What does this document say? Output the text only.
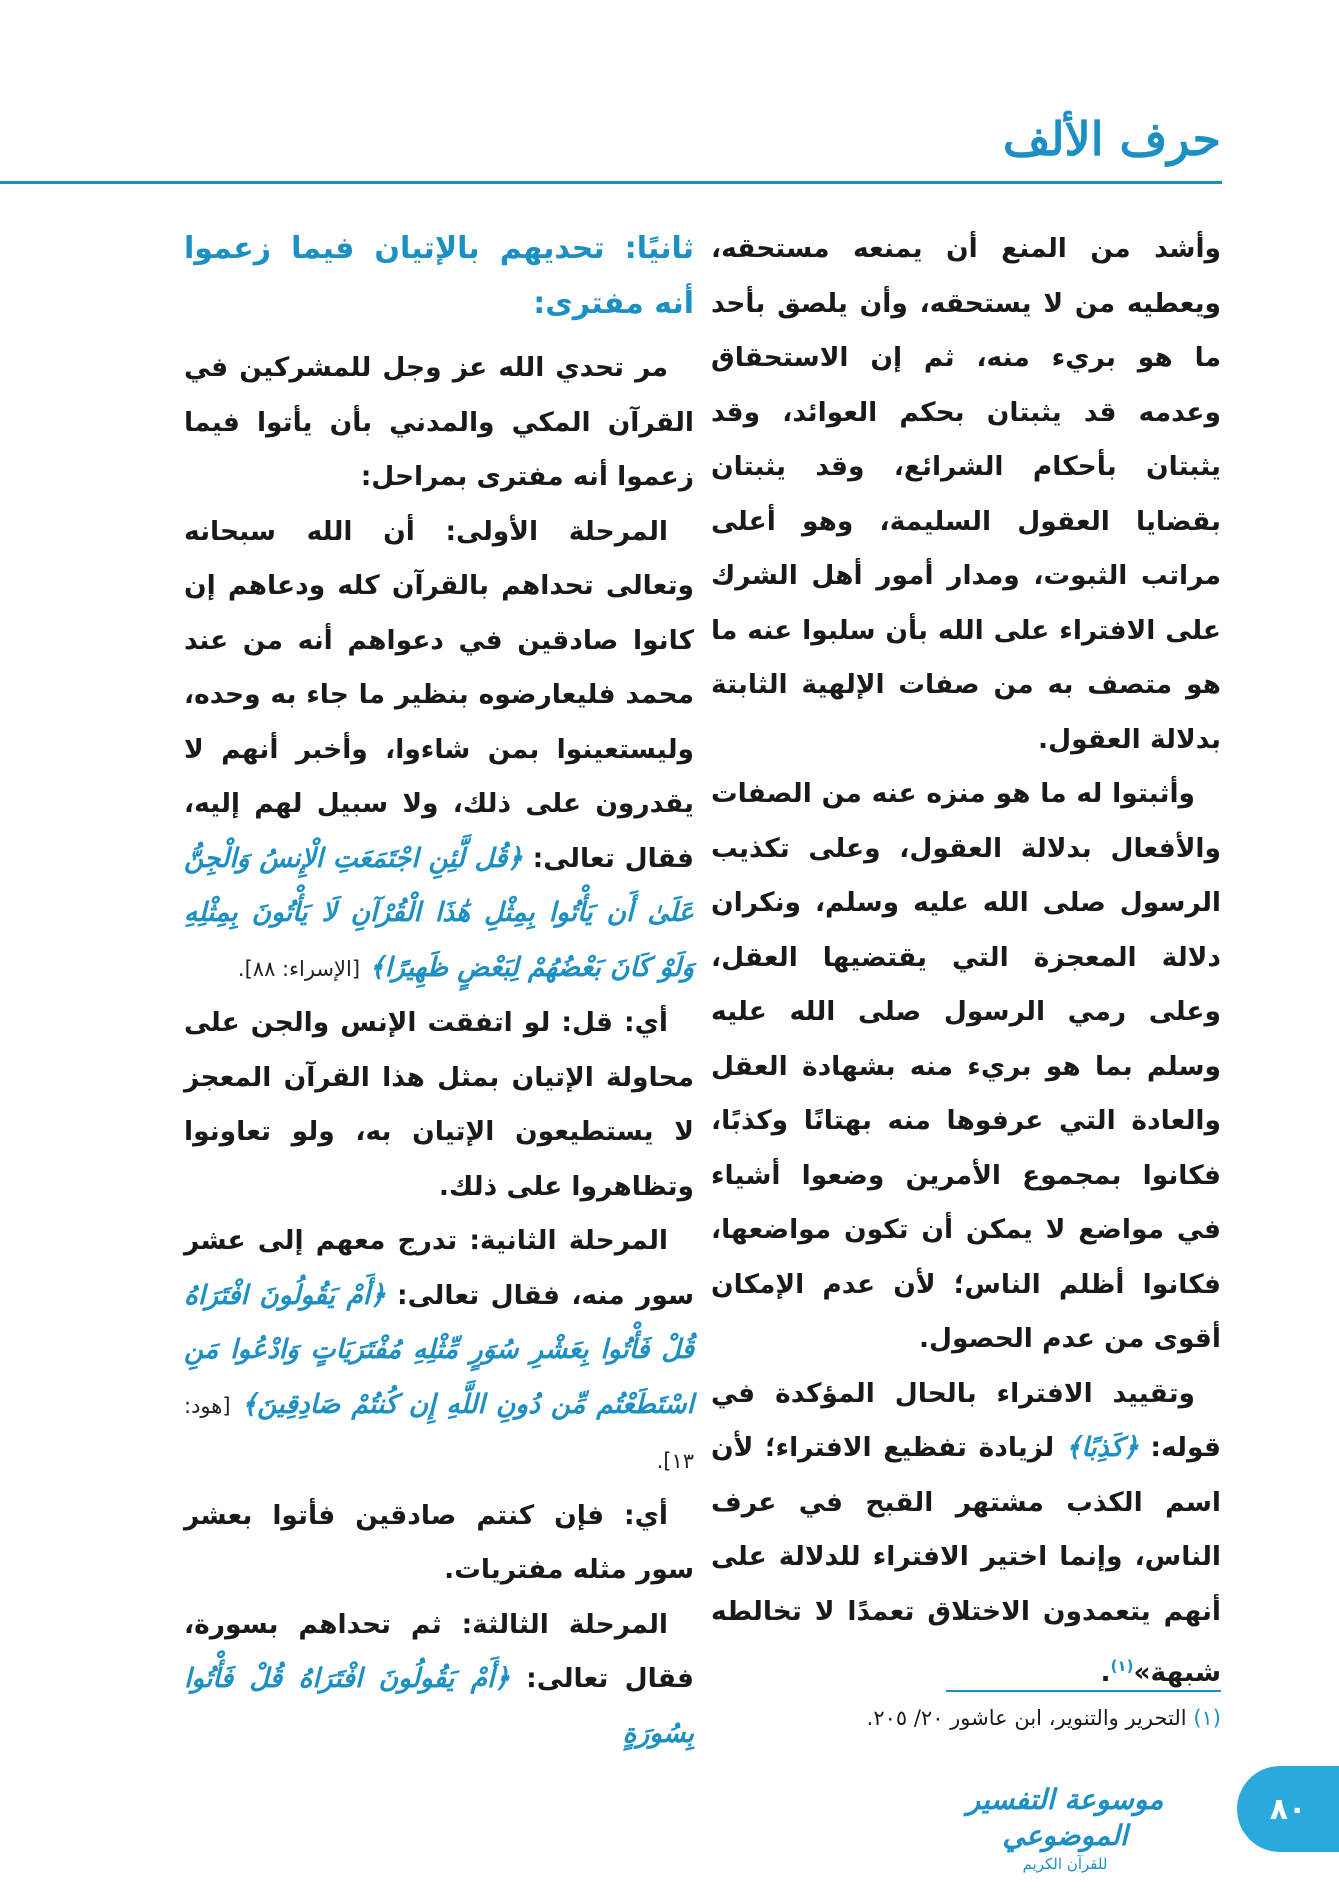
حرف الألف

وأشد من المنع أن يمنعه مستحقه، ويعطيه من لا يستحقه، وأن يلصق بأحد ما هو بريء منه، ثم إن الاستحقاق وعدمه قد يثبتان بحكم العوائد، وقد يثبتان بأحكام الشرائع، وقد يثبتان بقضايا العقول السليمة، وهو أعلى مراتب الثبوت، ومدار أمور أهل الشرك على الافتراء على الله بأن سلبوا عنه ما هو متصف به من صفات الإلهية الثابتة بدلالة العقول.

وأثبتوا له ما هو منزه عنه من الصفات والأفعال بدلالة العقول، وعلى تكذيب الرسول صلى الله عليه وسلم، ونكران دلالة المعجزة التي يقتضيها العقل، وعلى رمي الرسول صلى الله عليه وسلم بما هو بريء منه بشهادة العقل والعادة التي عرفوها منه بهتانًا وكذبًا، فكانوا بمجموع الأمرين وضعوا أشياء في مواضع لا يمكن أن تكون مواضعها، فكانوا أظلم الناس؛ لأن عدم الإمكان أقوى من عدم الحصول.

وتقييد الافتراء بالحال المؤكدة في قوله: ﴿كَذِبًا﴾ لزيادة تفظيع الافتراء؛ لأن اسم الكذب مشتهر القبح في عرف الناس، وإنما اختير الافتراء للدلالة على أنهم يتعمدون الاختلاق تعمدًا لا تخالطه شبهة»$^{(١)}$.

ثانيًا: تحديهم بالإتيان فيما زعموا أنه مفترى:

مر تحدي الله عز وجل للمشركين في القرآن المكي والمدني بأن يأتوا فيما زعموا أنه مفترى بمراحل:

المرحلة الأولى: أن الله سبحانه وتعالى تحداهم بالقرآن كله ودعاهم إن كانوا صادقين في دعواهم أنه من عند محمد فليعارضوه بنظير ما جاء به وحده، وليستعينوا بمن شاءوا، وأخبر أنهم لا يقدرون على ذلك، ولا سبيل لهم إليه، فقال تعالى: ﴿قُل لَّئِنِ اجْتَمَعَتِ الْإِنسُ وَالْجِنُّ عَلَىٰ أَن يَأْتُوا بِمِثْلِ هَٰذَا الْقُرْآنِ لَا يَأْتُونَ بِمِثْلِهِ وَلَوْ كَانَ بَعْضُهُمْ لِبَعْضٍ ظَهِيرًا﴾ [الإسراء: ٨٨].

أي: قل: لو اتفقت الإنس والجن على محاولة الإتيان بمثل هذا القرآن المعجز لا يستطيعون الإتيان به، ولو تعاونوا وتظاهروا على ذلك.

المرحلة الثانية: تدرج معهم إلى عشر سور منه، فقال تعالى: ﴿أَمْ يَقُولُونَ افْتَرَاهُ قُلْ فَأْتُوا بِعَشْرِ سُوَرٍ مِّثْلِهِ مُفْتَرَيَاتٍ وَادْعُوا مَنِ اسْتَطَعْتُم مِّن دُونِ اللَّهِ إِن كُنتُمْ صَادِقِينَ﴾ [هود: ١٣].

أي: فإن كنتم صادقين فأتوا بعشر سور مثله مفتريات.

المرحلة الثالثة: ثم تحداهم بسورة، فقال تعالى: ﴿أَمْ يَقُولُونَ افْتَرَاهُ قُلْ فَأْتُوا بِسُورَةٍ	(١) التحرير والتنوير، ابن عاشور ٢٠/ ٢٠٥.
موسوعة التفسير الموضوعي
للقرآن الكريم
٨٠
